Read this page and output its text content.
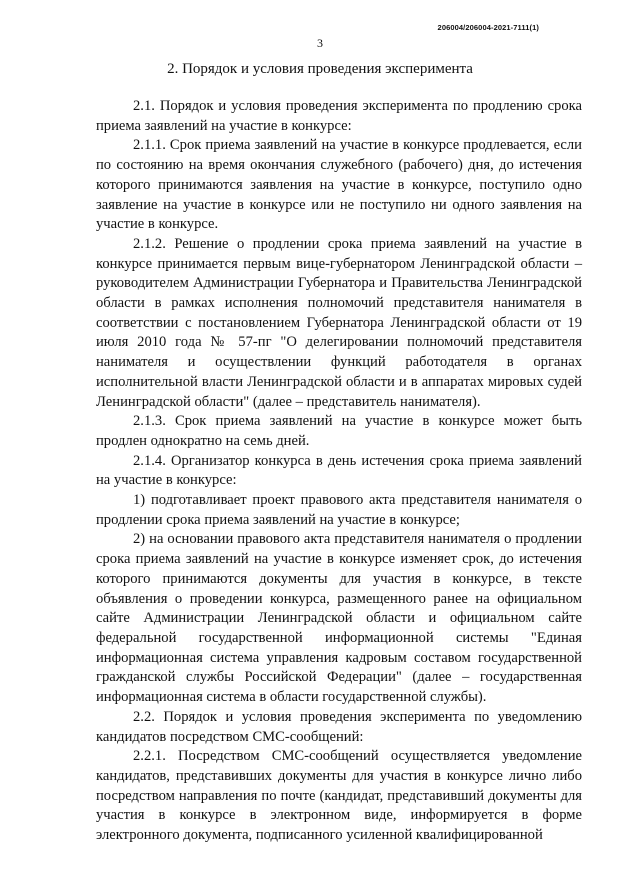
206004/206004-2021-7111(1)
3
2. Порядок и условия проведения эксперимента

2.1. Порядок и условия проведения эксперимента по продлению срока приема заявлений на участие в конкурсе:

2.1.1. Срок приема заявлений на участие в конкурсе продлевается, если по состоянию на время окончания служебного (рабочего) дня, до истечения которого принимаются заявления на участие в конкурсе, поступило одно заявление на участие в конкурсе или не поступило ни одного заявления на участие в конкурсе.

2.1.2. Решение о продлении срока приема заявлений на участие в конкурсе принимается первым вице-губернатором Ленинградской области – руководителем Администрации Губернатора и Правительства Ленинградской области в рамках исполнения полномочий представителя нанимателя в соответствии с постановлением Губернатора Ленинградской области от 19 июля 2010 года № 57-пг "О делегировании полномочий представителя нанимателя и осуществлении функций работодателя в органах исполнительной власти Ленинградской области и в аппаратах мировых судей Ленинградской области" (далее – представитель нанимателя).

2.1.3. Срок приема заявлений на участие в конкурсе может быть продлен однократно на семь дней.

2.1.4. Организатор конкурса в день истечения срока приема заявлений на участие в конкурсе:

1) подготавливает проект правового акта представителя нанимателя о продлении срока приема заявлений на участие в конкурсе;

2) на основании правового акта представителя нанимателя о продлении срока приема заявлений на участие в конкурсе изменяет срок, до истечения которого принимаются документы для участия в конкурсе, в тексте объявления о проведении конкурса, размещенного ранее на официальном сайте Администрации Ленинградской области и официальном сайте федеральной государственной информационной системы "Единая информационная система управления кадровым составом государственной гражданской службы Российской Федерации" (далее – государственная информационная система в области государственной службы).

2.2. Порядок и условия проведения эксперимента по уведомлению кандидатов посредством СМС-сообщений:

2.2.1. Посредством СМС-сообщений осуществляется уведомление кандидатов, представивших документы для участия в конкурсе лично либо посредством направления по почте (кандидат, представивший документы для участия в конкурсе в электронном виде, информируется в форме электронного документа, подписанного усиленной квалифицированной
